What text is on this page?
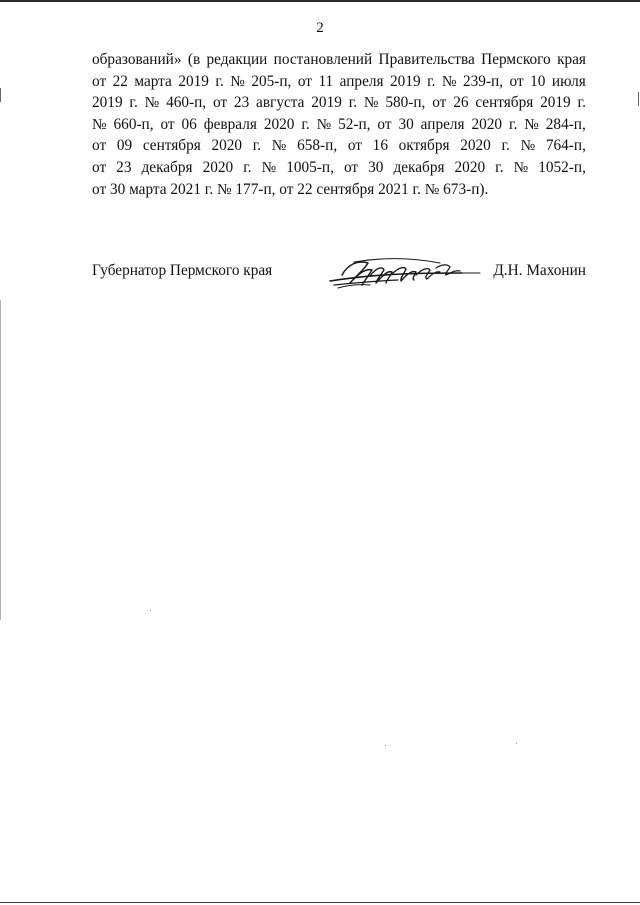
2
образований» (в редакции постановлений Правительства Пермского края
от 22 марта 2019 г. № 205-п, от 11 апреля 2019 г. № 239-п, от 10 июля
2019 г. № 460-п, от 23 августа 2019 г. № 580-п, от 26 сентября 2019 г.
№ 660-п, от 06 февраля 2020 г. № 52-п, от 30 апреля 2020 г. № 284-п,
от 09 сентября 2020 г. № 658-п, от 16 октября 2020 г. № 764-п,
от 23 декабря 2020 г. № 1005-п, от 30 декабря 2020 г. № 1052-п,
от 30 марта 2021 г. № 177-п, от 22 сентября 2021 г. № 673-п).
Губернатор Пермского края	Д.Н. Махонин
